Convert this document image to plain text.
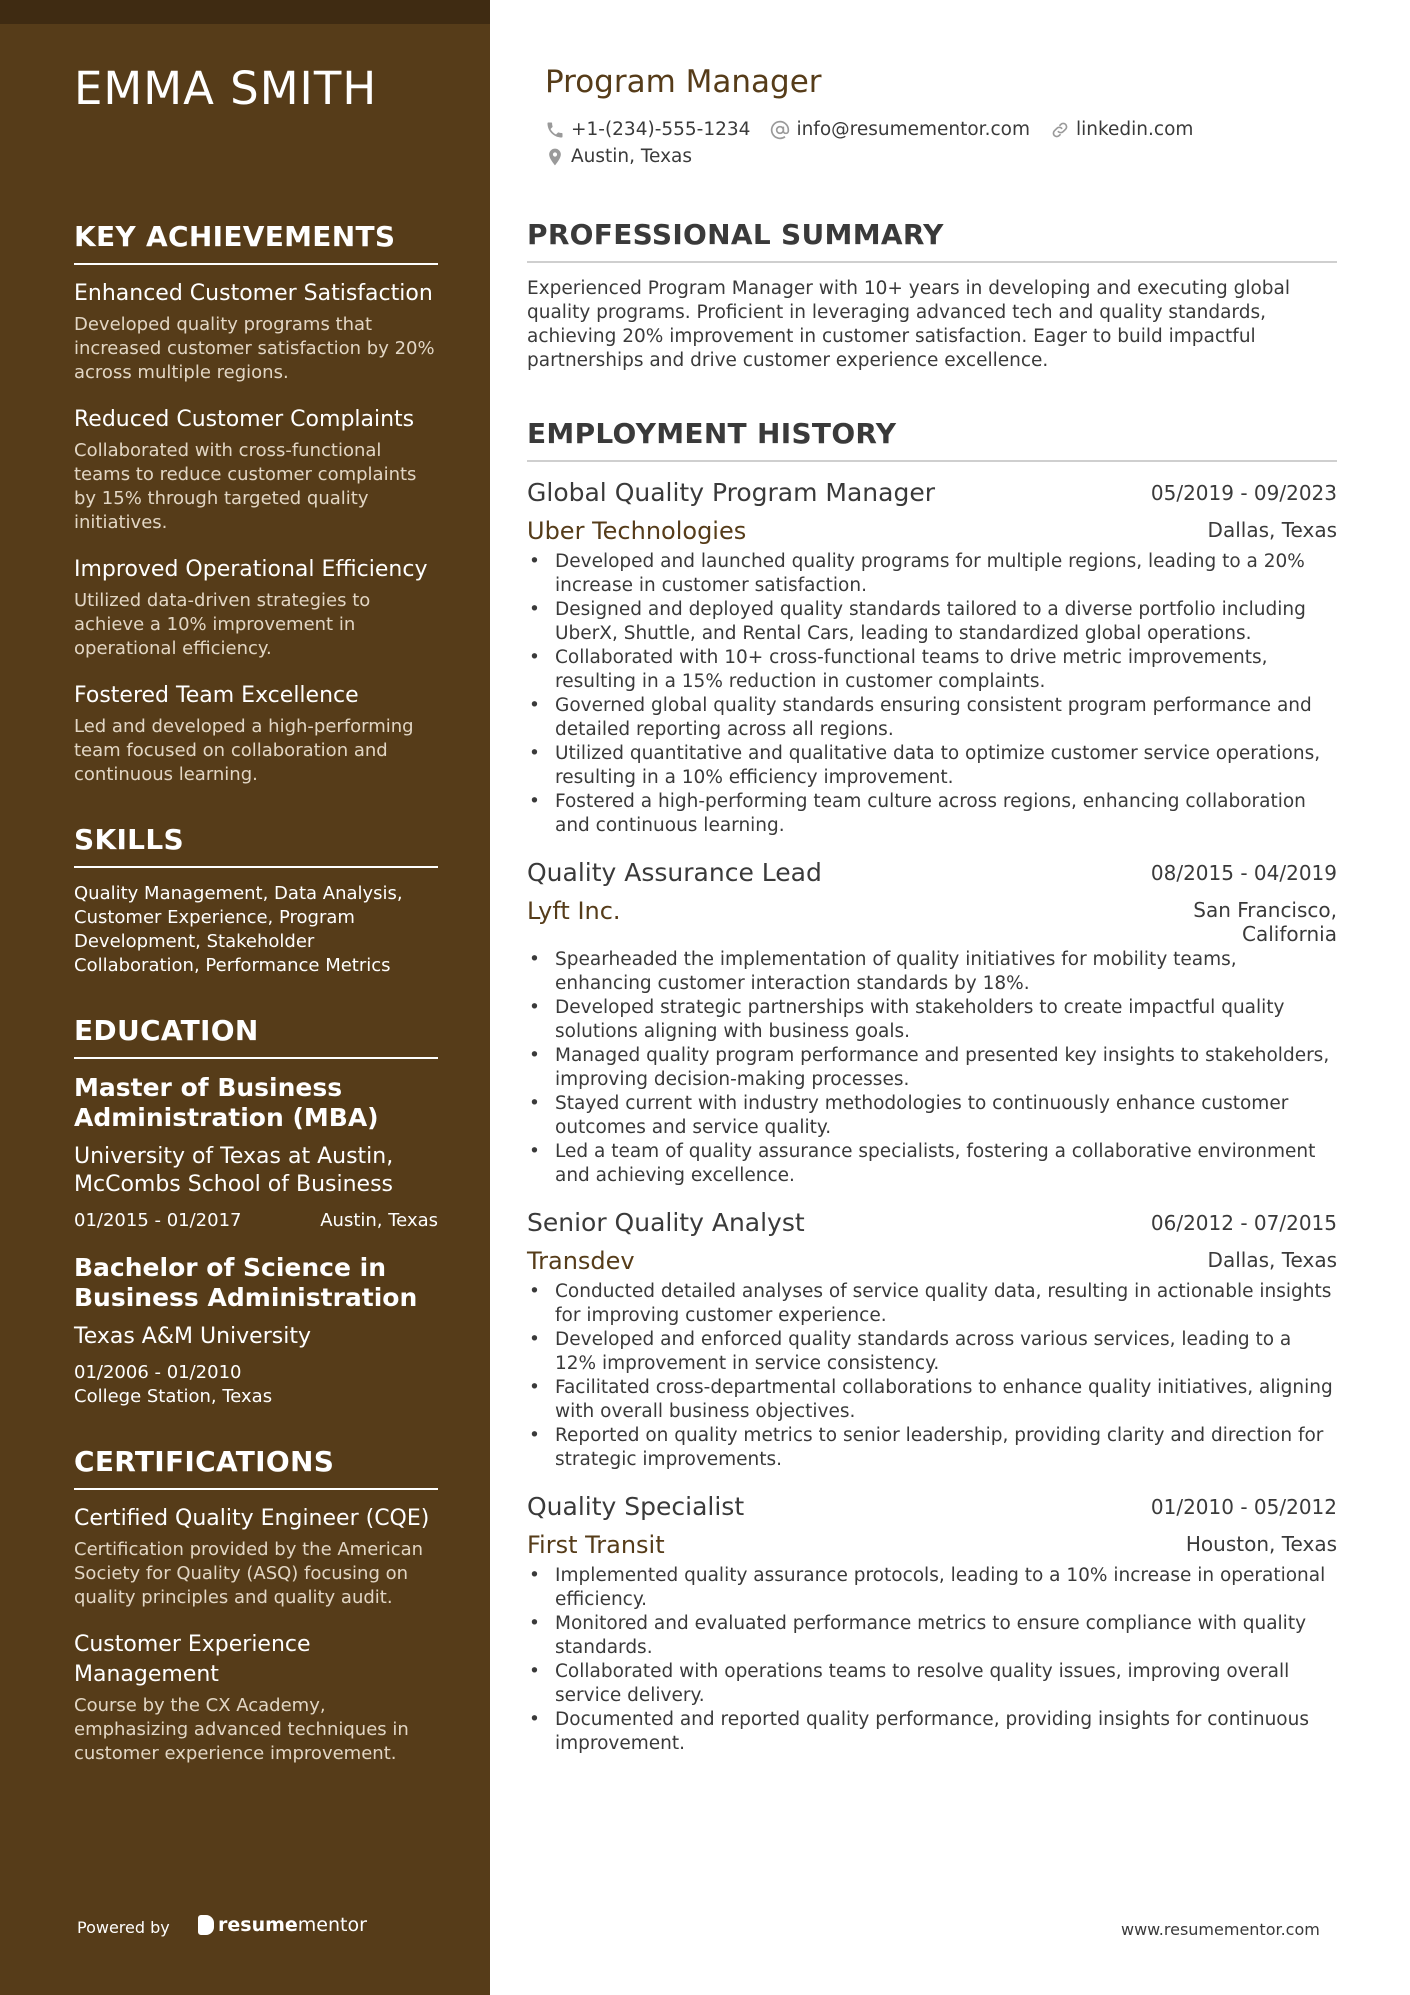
EMMA SMITH
KEY ACHIEVEMENTS
Enhanced Customer Satisfaction
Developed quality programs that increased customer satisfaction by 20% across multiple regions.
Reduced Customer Complaints
Collaborated with cross-functional teams to reduce customer complaints by 15% through targeted quality initiatives.
Improved Operational Efficiency
Utilized data-driven strategies to achieve a 10% improvement in operational efficiency.
Fostered Team Excellence
Led and developed a high-performing team focused on collaboration and continuous learning.
SKILLS
Quality Management, Data Analysis, Customer Experience, Program Development, Stakeholder Collaboration, Performance Metrics
EDUCATION
Master of Business Administration (MBA)
University of Texas at Austin, McCombs School of Business
01/2015 - 01/2017	Austin, Texas
Bachelor of Science in Business Administration
Texas A&M University
01/2006 - 01/2010
College Station, Texas
CERTIFICATIONS
Certified Quality Engineer (CQE)
Certification provided by the American Society for Quality (ASQ) focusing on quality principles and quality audit.
Customer Experience Management
Course by the CX Academy, emphasizing advanced techniques in customer experience improvement.
Powered by	resume mentor
Program Manager
+1-(234)-555-1234 info@resumementor.com linkedin.com
Austin, Texas
PROFESSIONAL SUMMARY

Experienced Program Manager with 10+ years in developing and executing global quality programs. Proficient in leveraging advanced tech and quality standards, achieving 20% improvement in customer satisfaction. Eager to build impactful partnerships and drive customer experience excellence.

EMPLOYMENT HISTORY
Global Quality Program Manager	05/2019 - 09/2023
Uber Technologies	Dallas, Texas
• Developed and launched quality programs for multiple regions, leading to a 20% increase in customer satisfaction.
• Designed and deployed quality standards tailored to a diverse portfolio including UberX, Shuttle, and Rental Cars, leading to standardized global operations.
• Collaborated with 10+ cross-functional teams to drive metric improvements, resulting in a 15% reduction in customer complaints.
• Governed global quality standards ensuring consistent program performance and detailed reporting across all regions.
• Utilized quantitative and qualitative data to optimize customer service operations, resulting in a 10% efficiency improvement.
• Fostered a high-performing team culture across regions, enhancing collaboration and continuous learning.
Quality Assurance Lead	08/2015 - 04/2019
Lyft Inc.	San Francisco, California
• Spearheaded the implementation of quality initiatives for mobility teams, enhancing customer interaction standards by 18%.
• Developed strategic partnerships with stakeholders to create impactful quality solutions aligning with business goals.
• Managed quality program performance and presented key insights to stakeholders, improving decision-making processes.
• Stayed current with industry methodologies to continuously enhance customer outcomes and service quality.
• Led a team of quality assurance specialists, fostering a collaborative environment and achieving excellence.
Senior Quality Analyst	06/2012 - 07/2015
Transdev	Dallas, Texas
• Conducted detailed analyses of service quality data, resulting in actionable insights for improving customer experience.
• Developed and enforced quality standards across various services, leading to a 12% improvement in service consistency.
• Facilitated cross-departmental collaborations to enhance quality initiatives, aligning with overall business objectives.
• Reported on quality metrics to senior leadership, providing clarity and direction for strategic improvements.
Quality Specialist	01/2010 - 05/2012
First Transit	Houston, Texas
• Implemented quality assurance protocols, leading to a 10% increase in operational efficiency.
• Monitored and evaluated performance metrics to ensure compliance with quality standards.
• Collaborated with operations teams to resolve quality issues, improving overall service delivery.
• Documented and reported quality performance, providing insights for continuous improvement.
www.resumementor.com
